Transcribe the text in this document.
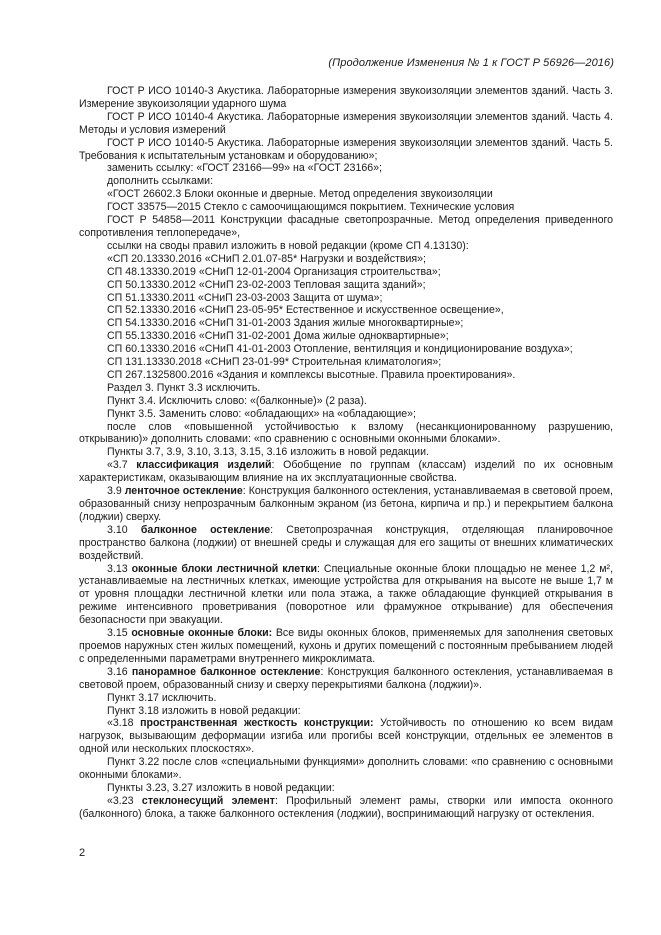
(Продолжение Изменения № 1 к ГОСТ Р 56926—2016)

ГОСТ Р ИСО 10140-3 Акустика. Лабораторные измерения звукоизоляции элементов зданий. Часть 3. Измерение звукоизоляции ударного шума

ГОСТ Р ИСО 10140-4 Акустика. Лабораторные измерения звукоизоляции элементов зданий. Часть 4. Методы и условия измерений

ГОСТ Р ИСО 10140-5 Акустика. Лабораторные измерения звукоизоляции элементов зданий. Часть 5. Требования к испытательным установкам и оборудованию»;

заменить ссылку: «ГОСТ 23166—99» на «ГОСТ 23166»;

дополнить ссылками:

«ГОСТ 26602.3 Блоки оконные и дверные. Метод определения звукоизоляции

ГОСТ 33575—2015 Стекло с самоочищающимся покрытием. Технические условия

ГОСТ Р 54858—2011 Конструкции фасадные светопрозрачные. Метод определения приведенного сопротивления теплопередаче»,

ссылки на своды правил изложить в новой редакции (кроме СП 4.13130):

«СП 20.13330.2016 «СНиП 2.01.07-85* Нагрузки и воздействия»;

СП 48.13330.2019 «СНиП 12-01-2004 Организация строительства»;

СП 50.13330.2012 «СНиП 23-02-2003 Тепловая защита зданий»;

СП 51.13330.2011 «СНиП 23-03-2003 Защита от шума»;

СП 52.13330.2016 «СНиП 23-05-95* Естественное и искусственное освещение»,

СП 54.13330.2016 «СНиП 31-01-2003 Здания жилые многоквартирные»;

СП 55.13330.2016 «СНиП 31-02-2001 Дома жилые одноквартирные»;

СП 60.13330.2016 «СНиП 41-01-2003 Отопление, вентиляция и кондиционирование воздуха»;

СП 131.13330.2018 «СНиП 23-01-99* Строительная климатология»;

СП 267.1325800.2016 «Здания и комплексы высотные. Правила проектирования».

Раздел 3. Пункт 3.3 исключить.

Пункт 3.4. Исключить слово: «(балконные)» (2 раза).

Пункт 3.5. Заменить слово: «обладающих» на «обладающие»;

после слов «повышенной устойчивостью к взлому (несанкционированному разрушению, открыванию)» дополнить словами: «по сравнению с основными оконными блоками».

Пункты 3.7, 3.9, 3.10, 3.13, 3.15, 3.16 изложить в новой редакции.

«3.7 классификация изделий: Обобщение по группам (классам) изделий по их основным характеристикам, оказывающим влияние на их эксплуатационные свойства.

3.9 ленточное остекление: Конструкция балконного остекления, устанавливаемая в световой проем, образованный снизу непрозрачным балконным экраном (из бетона, кирпича и пр.) и перекрытием балкона (лоджии) сверху.

3.10 балконное остекление: Светопрозрачная конструкция, отделяющая планировочное пространство балкона (лоджии) от внешней среды и служащая для его защиты от внешних климатических воздействий.

3.13 оконные блоки лестничной клетки: Специальные оконные блоки площадью не менее 1,2 м², устанавливаемые на лестничных клетках, имеющие устройства для открывания на высоте не выше 1,7 м от уровня площадки лестничной клетки или пола этажа, а также обладающие функцией открывания в режиме интенсивного проветривания (поворотное или фрамужное открывание) для обеспечения безопасности при эвакуации.

3.15 основные оконные блоки: Все виды оконных блоков, применяемых для заполнения световых проемов наружных стен жилых помещений, кухонь и других помещений с постоянным пребыванием людей с определенными параметрами внутреннего микроклимата.

3.16 панорамное балконное остекление: Конструкция балконного остекления, устанавливаемая в световой проем, образованный снизу и сверху перекрытиями балкона (лоджии)».

Пункт 3.17 исключить.

Пункт 3.18 изложить в новой редакции:

«3.18 пространственная жесткость конструкции: Устойчивость по отношению ко всем видам нагрузок, вызывающим деформации изгиба или прогибы всей конструкции, отдельных ее элементов в одной или нескольких плоскостях».

Пункт 3.22 после слов «специальными функциями» дополнить словами: «по сравнению с основными оконными блоками».

Пункты 3.23, 3.27 изложить в новой редакции:

«3.23 стеклонесущий элемент: Профильный элемент рамы, створки или импоста оконного (балконного) блока, а также балконного остекления (лоджии), воспринимающий нагрузку от остекления.

2
